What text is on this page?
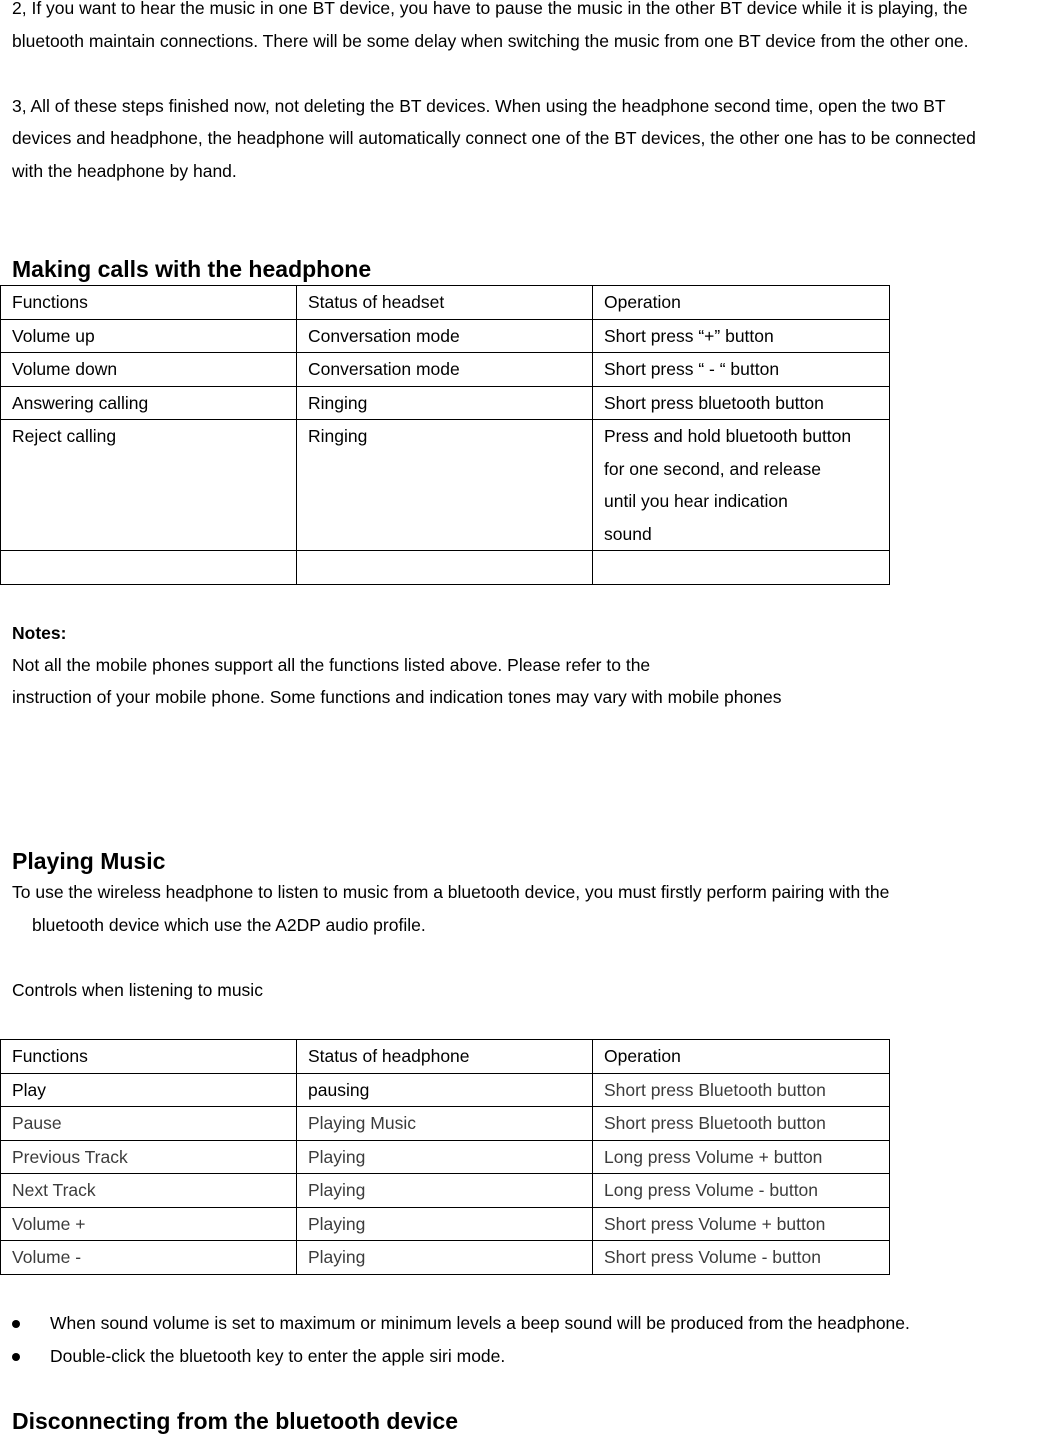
2, If you want to hear the music in one BT device, you have to pause the music in the other BT device while it is playing, the
bluetooth maintain connections. There will be some delay when switching the music from one BT device from the other one.
3, All of these steps finished now, not deleting the BT devices. When using the headphone second time, open the two BT
devices and headphone, the headphone will automatically connect one of the BT devices, the other one has to be connected
with the headphone by hand.
Making calls with the headphone
Functions	Status of headset	Operation
Volume up	Conversation mode	Short press “+” button
Volume down	Conversation mode	Short press “ - “ button
Answering calling	Ringing	Short press bluetooth button
Reject calling	Ringing	Press and hold bluetooth button
for one second, and release
until you hear indication
sound

Notes:
Not all the mobile phones support all the functions listed above. Please refer to the
instruction of your mobile phone. Some functions and indication tones may vary with mobile phones
Playing Music
To use the wireless headphone to listen to music from a bluetooth device, you must firstly perform pairing with the
bluetooth device which use the A2DP audio profile.
Controls when listening to music
Functions	Status of headphone	Operation
Play	pausing	Short press Bluetooth button
Pause	Playing Music	Short press Bluetooth button
Previous Track	Playing	Long press Volume + button
Next Track	Playing	Long press Volume - button
Volume +	Playing	Short press Volume + button
Volume -	Playing	Short press Volume - button
When sound volume is set to maximum or minimum levels a beep sound will be produced from the headphone.
Double-click the bluetooth key to enter the apple siri mode.
Disconnecting from the bluetooth device
